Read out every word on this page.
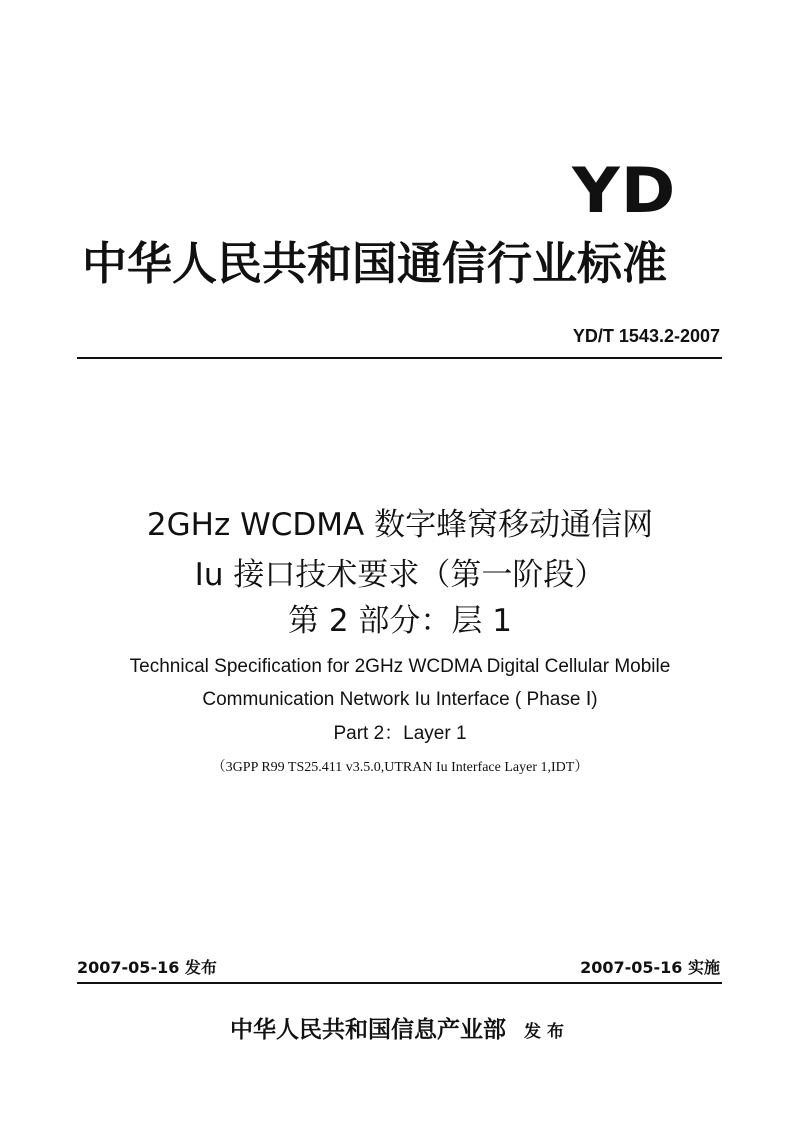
YD
中华人民共和国通信行业标准
YD/T 1543.2-2007
2GHz WCDMA 数字蜂窝移动通信网
Iu 接口技术要求（第一阶段）
第 2 部分：层 1
Technical Specification for 2GHz WCDMA Digital Cellular Mobile
Communication Network Iu Interface ( Phase Ⅰ)
Part 2：Layer 1
（3GPP R99 TS25.411 v3.5.0,UTRAN Iu Interface Layer 1,IDT）
2007-05-16 发布	2007-05-16 实施
中华人民共和国信息产业部 发布
